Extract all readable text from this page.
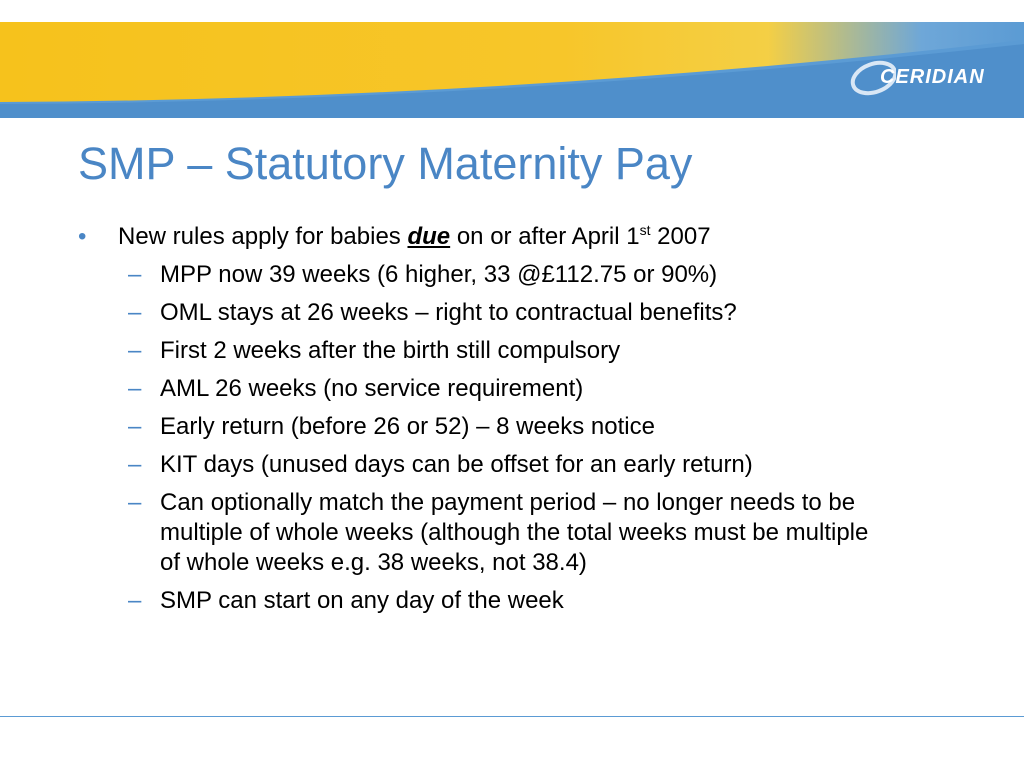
CERIDIAN
SMP – Statutory Maternity Pay
•	New rules apply for babies due on or after April 1st 2007
– MPP now 39 weeks (6 higher, 33 @£112.75 or 90%)
– OML stays at 26 weeks – right to contractual benefits?
– First 2 weeks after the birth still compulsory
– AML 26 weeks (no service requirement)
– Early return (before 26 or 52) – 8 weeks notice
– KIT days (unused days can be offset for an early return)
– Can optionally match the payment period – no longer needs to be multiple of whole weeks (although the total weeks must be multiple of whole weeks e.g. 38 weeks, not 38.4)
– SMP can start on any day of the week
